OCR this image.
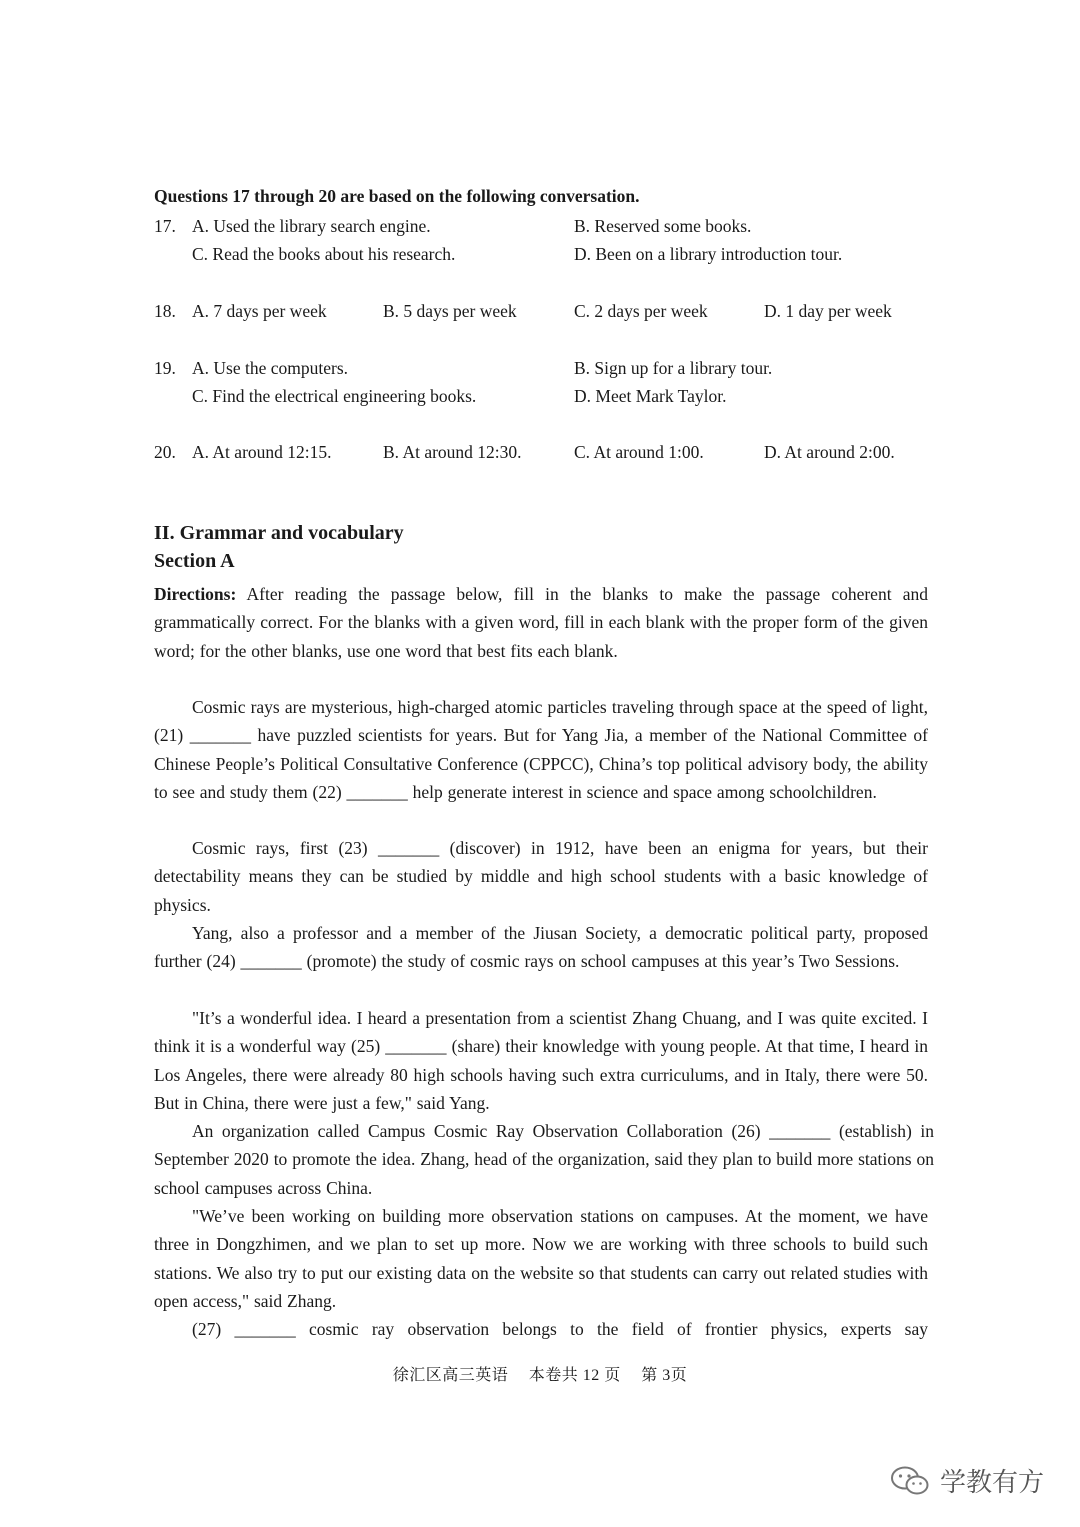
Questions 17 through 20 are based on the following conversation.
17. A. Used the library search engine.	B. Reserved some books.
C. Read the books about his research.	D. Been on a library introduction tour.
18. A. 7 days per week	B. 5 days per week	C. 2 days per week	D. 1 day per week
19. A. Use the computers.	B. Sign up for a library tour.
C. Find the electrical engineering books.	D. Meet Mark Taylor.
20. A. At around 12:15.	B. At around 12:30.	C. At around 1:00.	D. At around 2:00.
II. Grammar and vocabulary
Section A
Directions: After reading the passage below, fill in the blanks to make the passage coherent and grammatically correct. For the blanks with a given word, fill in each blank with the proper form of the given word; for the other blanks, use one word that best fits each blank.
Cosmic rays are mysterious, high-charged atomic particles traveling through space at the speed of light, (21) _______ have puzzled scientists for years. But for Yang Jia, a member of the National Committee of Chinese People’s Political Consultative Conference (CPPCC), China’s top political advisory body, the ability to see and study them (22) _______ help generate interest in science and space among schoolchildren.
Cosmic rays, first (23) _______ (discover) in 1912, have been an enigma for years, but their detectability means they can be studied by middle and high school students with a basic knowledge of physics.
Yang, also a professor and a member of the Jiusan Society, a democratic political party, proposed further (24) _______ (promote) the study of cosmic rays on school campuses at this year’s Two Sessions.
"It’s a wonderful idea. I heard a presentation from a scientist Zhang Chuang, and I was quite excited. I think it is a wonderful way (25) _______ (share) their knowledge with young people. At that time, I heard in Los Angeles, there were already 80 high schools having such extra curriculums, and in Italy, there were 50. But in China, there were just a few," said Yang.
An organization called Campus Cosmic Ray Observation Collaboration (26) _______ (establish) in September 2020 to promote the idea. Zhang, head of the organization, said they plan to build more stations on school campuses across China.
"We’ve been working on building more observation stations on campuses. At the moment, we have three in Dongzhimen, and we plan to set up more. Now we are working with three schools to build such stations. We also try to put our existing data on the website so that students can carry out related studies with open access," said Zhang.
(27) _______ cosmic ray observation belongs to the field of frontier physics, experts say
徐汇区高三英语 本卷共 12 页 第 3页
学教有方
